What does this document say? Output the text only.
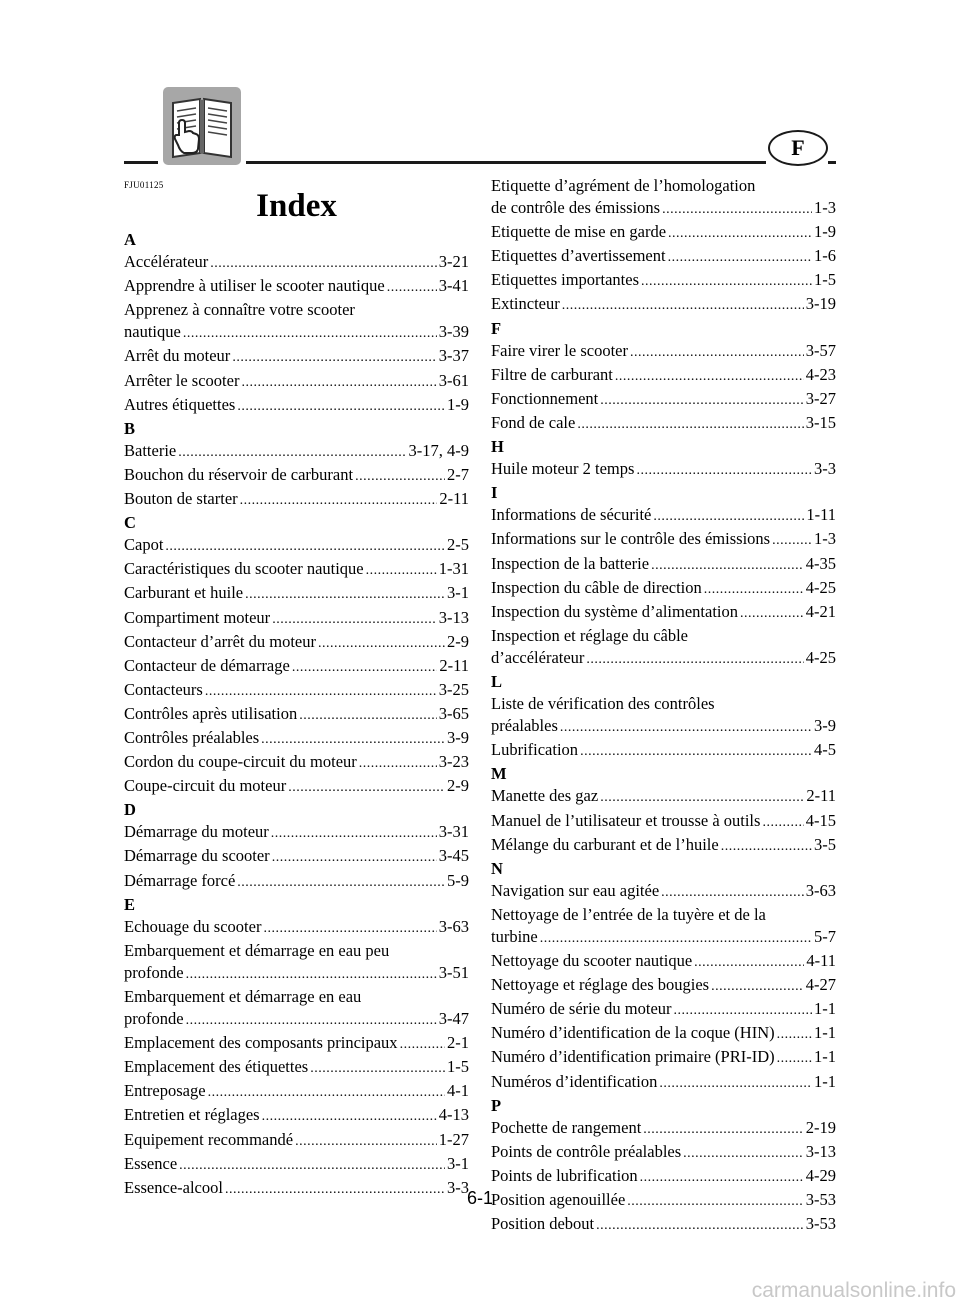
F
FJU01125
Index
A
Accélérateur .....	3-21
Apprendre à utiliser le scooter nautique .....	3-41
Apprenez à connaître votre scooter
nautique .....	3-39
Arrêt du moteur .....	3-37
Arrêter le scooter .....	3-61
Autres étiquettes .....	1-9
B
Batterie .....	3-17, 4-9
Bouchon du réservoir de carburant .....	2-7
Bouton de starter .....	2-11
C
Capot .....	2-5
Caractéristiques du scooter nautique .....	1-31
Carburant et huile .....	3-1
Compartiment moteur .....	3-13
Contacteur d’arrêt du moteur .....	2-9
Contacteur de démarrage .....	2-11
Contacteurs .....	3-25
Contrôles après utilisation .....	3-65
Contrôles préalables .....	3-9
Cordon du coupe-circuit du moteur .....	3-23
Coupe-circuit du moteur .....	2-9
D
Démarrage du moteur .....	3-31
Démarrage du scooter .....	3-45
Démarrage forcé .....	5-9
E
Echouage du scooter .....	3-63
Embarquement et démarrage en eau peu
profonde .....	3-51
Embarquement et démarrage en eau
profonde .....	3-47
Emplacement des composants principaux .....	2-1
Emplacement des étiquettes .....	1-5
Entreposage .....	4-1
Entretien et réglages .....	4-13
Equipement recommandé .....	1-27
Essence .....	3-1
Essence-alcool .....	3-3
Etiquette d’agrément de l’homologation
de contrôle des émissions .....	1-3
Etiquette de mise en garde .....	1-9
Etiquettes d’avertissement .....	1-6
Etiquettes importantes .....	1-5
Extincteur .....	3-19
F
Faire virer le scooter .....	3-57
Filtre de carburant .....	4-23
Fonctionnement .....	3-27
Fond de cale .....	3-15
H
Huile moteur 2 temps .....	3-3
I
Informations de sécurité .....	1-11
Informations sur le contrôle des émissions .....	1-3
Inspection de la batterie .....	4-35
Inspection du câble de direction .....	4-25
Inspection du système d’alimentation .....	4-21
Inspection et réglage du câble
d’accélérateur .....	4-25
L
Liste de vérification des contrôles
préalables .....	3-9
Lubrification .....	4-5
M
Manette des gaz .....	2-11
Manuel de l’utilisateur et trousse à outils .....	4-15
Mélange du carburant et de l’huile .....	3-5
N
Navigation sur eau agitée .....	3-63
Nettoyage de l’entrée de la tuyère et de la
turbine .....	5-7
Nettoyage du scooter nautique .....	4-11
Nettoyage et réglage des bougies .....	4-27
Numéro de série du moteur .....	1-1
Numéro d’identification de la coque (HIN) ..... 1-1
Numéro d’identification primaire (PRI-ID) ..... 1-1
Numéros d’identification .....	1-1
P
Pochette de rangement .....	2-19
Points de contrôle préalables .....	3-13
Points de lubrification .....	4-29
Position agenouillée .....	3-53
Position debout .....	3-53
6-1
carmanualsonline.info
